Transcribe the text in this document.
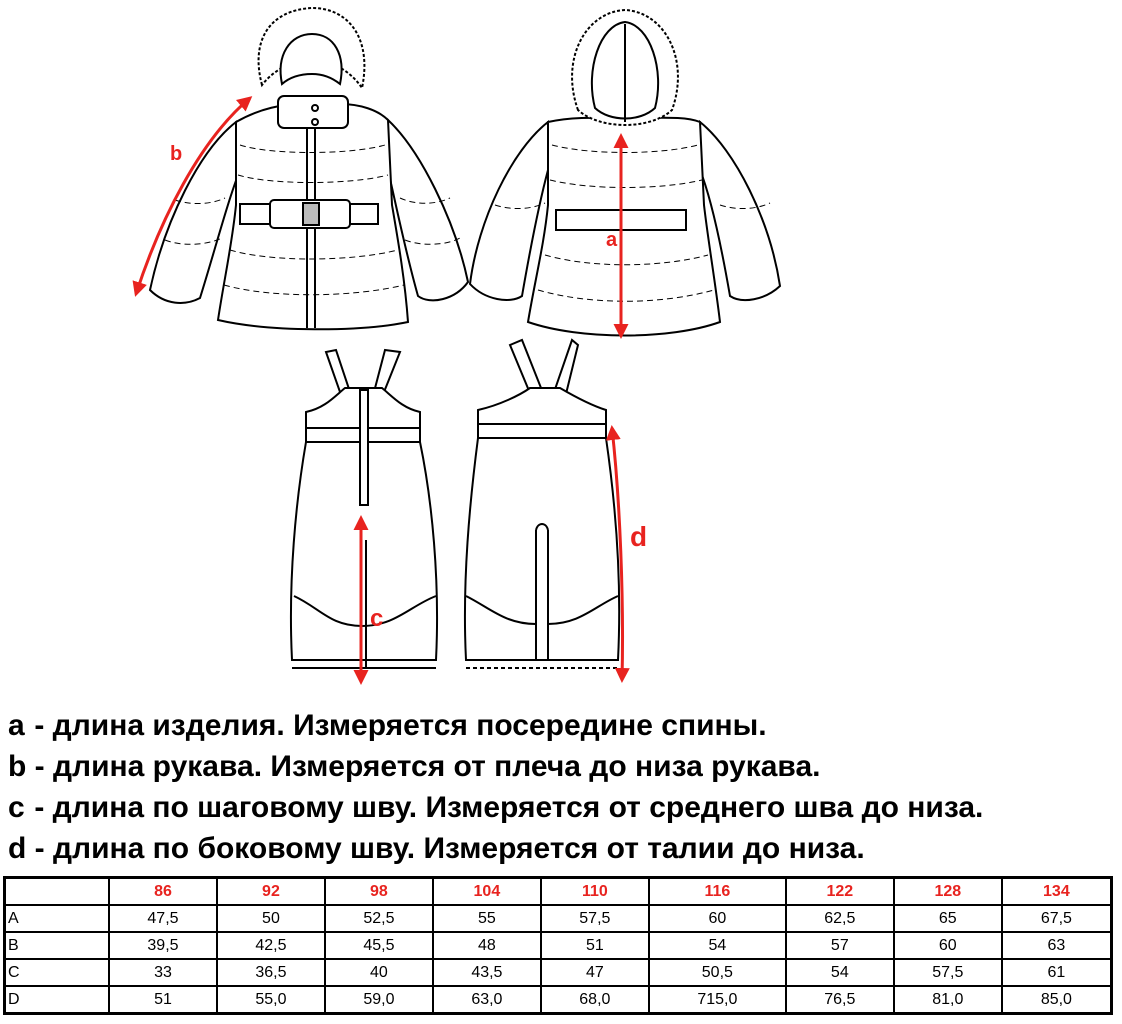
b
a
c
d
a - длина изделия. Измеряется посередине спины.
b - длина рукава. Измеряется от плеча до низа рукава.
c - длина по шаговому шву. Измеряется от среднего шва до низа.
d - длина по боковому шву. Измеряется от талии до низа.
	86	92	98	104	110	116	122	128	134
A	47,5	50	52,5	55	57,5	60	62,5	65	67,5
B	39,5	42,5	45,5	48	51	54	57	60	63
C	33	36,5	40	43,5	47	50,5	54	57,5	61
D	51	55,0	59,0	63,0	68,0	715,0	76,5	81,0	85,0
